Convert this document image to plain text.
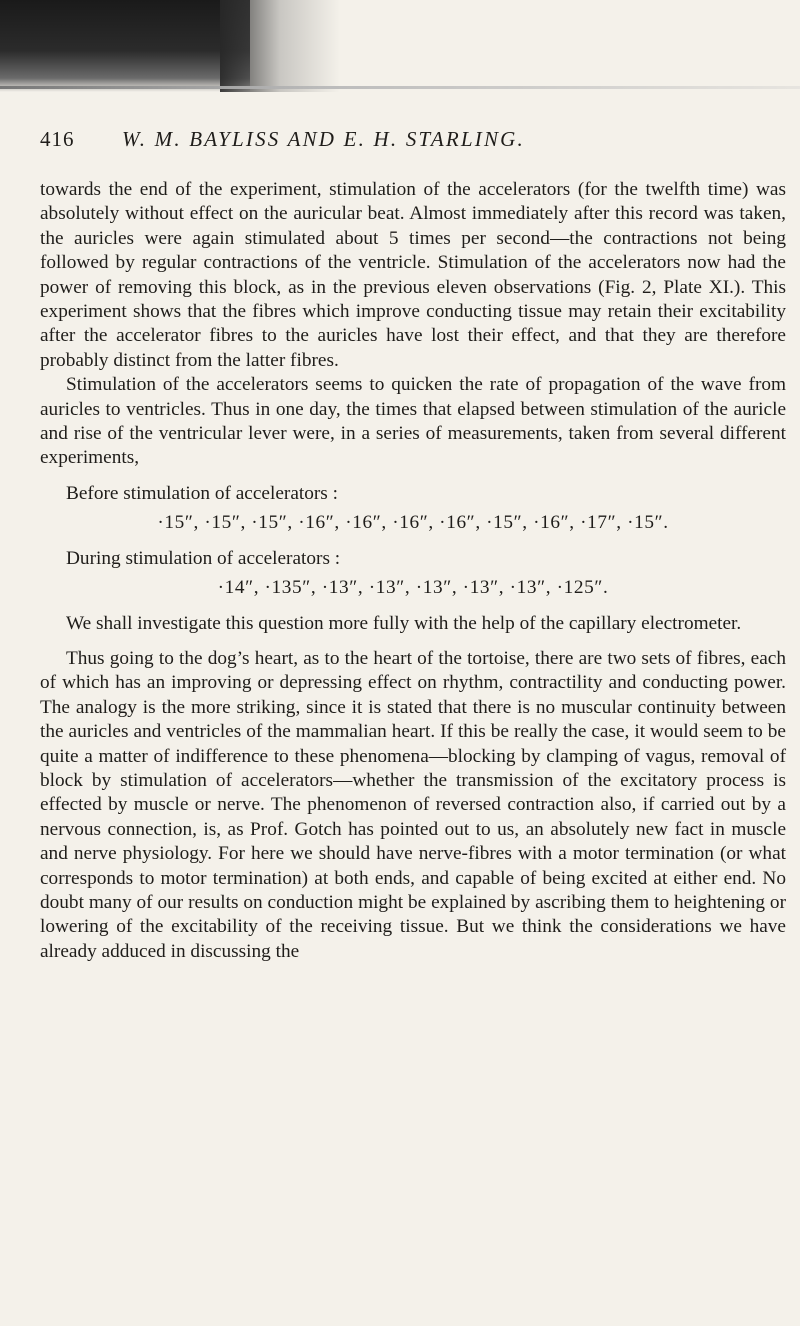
416 W. M. BAYLISS AND E. H. STARLING.

towards the end of the experiment, stimulation of the accelerators (for the twelfth time) was absolutely without effect on the auricular beat. Almost immediately after this record was taken, the auricles were again stimulated about 5 times per second—the contractions not being followed by regular contractions of the ventricle. Stimulation of the accelerators now had the power of removing this block, as in the previous eleven observations (Fig. 2, Plate XI.). This experiment shows that the fibres which improve conducting tissue may retain their excitability after the accelerator fibres to the auricles have lost their effect, and that they are therefore probably distinct from the latter fibres.

Stimulation of the accelerators seems to quicken the rate of propagation of the wave from auricles to ventricles. Thus in one day, the times that elapsed between stimulation of the auricle and rise of the ventricular lever were, in a series of measurements, taken from several different experiments,

Before stimulation of accelerators :

·15″, ·15″, ·15″, ·16″, ·16″, ·16″, ·16″, ·15″, ·16″, ·17″, ·15″.

During stimulation of accelerators :

·14″, ·135″, ·13″, ·13″, ·13″, ·13″, ·13″, ·125″.

We shall investigate this question more fully with the help of the capillary electrometer.

Thus going to the dog’s heart, as to the heart of the tortoise, there are two sets of fibres, each of which has an improving or depressing effect on rhythm, contractility and conducting power. The analogy is the more striking, since it is stated that there is no muscular continuity between the auricles and ventricles of the mammalian heart. If this be really the case, it would seem to be quite a matter of indifference to these phenomena—blocking by clamping of vagus, removal of block by stimulation of accelerators—whether the transmission of the excitatory process is effected by muscle or nerve. The phenomenon of reversed contraction also, if carried out by a nervous connection, is, as Prof. Gotch has pointed out to us, an absolutely new fact in muscle and nerve physiology. For here we should have nerve-fibres with a motor termination (or what corresponds to motor termination) at both ends, and capable of being excited at either end. No doubt many of our results on conduction might be explained by ascribing them to heightening or lowering of the excitability of the receiving tissue. But we think the considerations we have already adduced in discussing the
